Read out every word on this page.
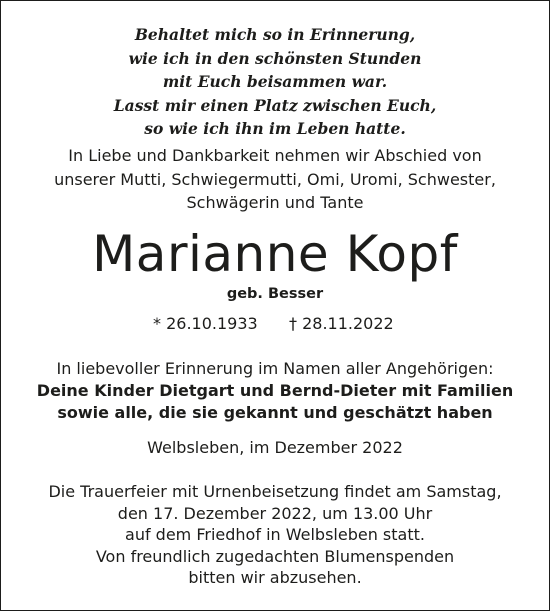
Behaltet mich so in Erinnerung,
wie ich in den schönsten Stunden
mit Euch beisammen war.
Lasst mir einen Platz zwischen Euch,
so wie ich ihn im Leben hatte.
In Liebe und Dankbarkeit nehmen wir Abschied von
unserer Mutti, Schwiegermutti, Omi, Uromi, Schwester,
Schwägerin und Tante
Marianne Kopf
geb. Besser
* 26.10.1933 † 28.11.2022
In liebevoller Erinnerung im Namen aller Angehörigen:
Deine Kinder Dietgart und Bernd-Dieter mit Familien
sowie alle, die sie gekannt und geschätzt haben
Welbsleben, im Dezember 2022
Die Trauerfeier mit Urnenbeisetzung findet am Samstag,
den 17. Dezember 2022, um 13.00 Uhr
auf dem Friedhof in Welbsleben statt.
Von freundlich zugedachten Blumenspenden
bitten wir abzusehen.
